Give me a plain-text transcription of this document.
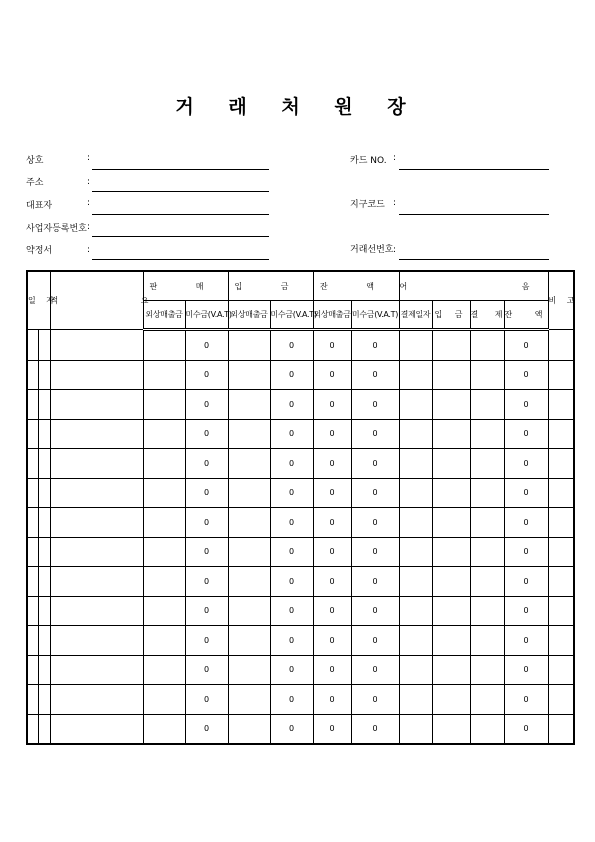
거 래 처 원 장
상호	:
주소	:
대표자	:
사업자등록번호 :
약정서	:
카드 NO. :
지구코드 :
거래선번호 :
일 자		적 요	판 매		입 금		잔 액		어 음				비 고
			외상매출금	미수금(V.A.T)	외상매출금	미수금(V.A.T)	외상매출금	미수금(V.A.T)	결제일자	입 금	결 제	잔 액	
				0		0	0	0				0	
				0		0	0	0				0	
				0		0	0	0				0	
				0		0	0	0				0	
				0		0	0	0				0	
				0		0	0	0				0	
				0		0	0	0				0	
				0		0	0	0				0	
				0		0	0	0				0	
				0		0	0	0				0	
				0		0	0	0				0	
				0		0	0	0				0	
				0		0	0	0				0	
				0		0	0	0				0	
